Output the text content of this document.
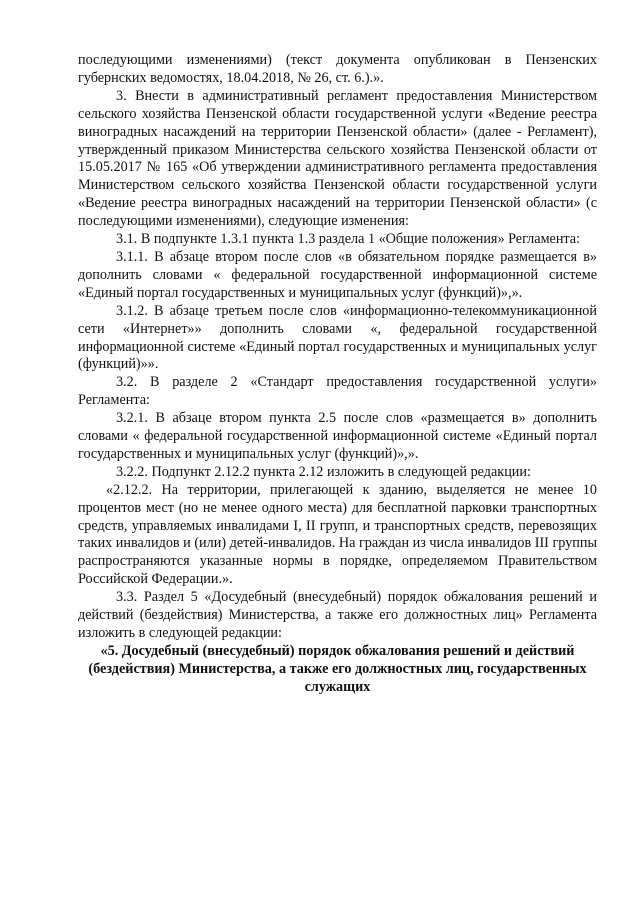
последующими изменениями) (текст документа опубликован в Пензенских губернских ведомостях, 18.04.2018, № 26, ст. 6.).».

3. Внести в административный регламент предоставления Министерством сельского хозяйства Пензенской области государственной услуги «Ведение реестра виноградных насаждений на территории Пензенской области» (далее - Регламент), утвержденный приказом Министерства сельского хозяйства Пензенской области от 15.05.2017 № 165 «Об утверждении административного регламента предоставления Министерством сельского хозяйства Пензенской области государственной услуги «Ведение реестра виноградных насаждений на территории Пензенской области» (с последующими изменениями), следующие изменения:

3.1. В подпункте 1.3.1 пункта 1.3 раздела 1 «Общие положения» Регламента:

3.1.1. В абзаце втором после слов «в обязательном порядке размещается в» дополнить словами « федеральной государственной информационной системе «Единый портал государственных и муниципальных услуг (функций)»,».

3.1.2. В абзаце третьем после слов «информационно-телекоммуникационной сети «Интернет»» дополнить словами «, федеральной государственной информационной системе «Единый портал государственных и муниципальных услуг (функций)»».

3.2. В разделе 2 «Стандарт предоставления государственной услуги» Регламента:

3.2.1. В абзаце втором пункта 2.5 после слов «размещается в» дополнить словами « федеральной государственной информационной системе «Единый портал государственных и муниципальных услуг (функций)»,».

3.2.2. Подпункт 2.12.2 пункта 2.12 изложить в следующей редакции:

«2.12.2. На территории, прилегающей к зданию, выделяется не менее 10 процентов мест (но не менее одного места) для бесплатной парковки транспортных средств, управляемых инвалидами I, II групп, и транспортных средств, перевозящих таких инвалидов и (или) детей-инвалидов. На граждан из числа инвалидов III группы распространяются указанные нормы в порядке, определяемом Правительством Российской Федерации.».

3.3. Раздел 5 «Досудебный (внесудебный) порядок обжалования решений и действий (бездействия) Министерства, а также его должностных лиц» Регламента изложить в следующей редакции:

«5. Досудебный (внесудебный) порядок обжалования решений и действий (бездействия) Министерства, а также его должностных лиц, государственных служащих
